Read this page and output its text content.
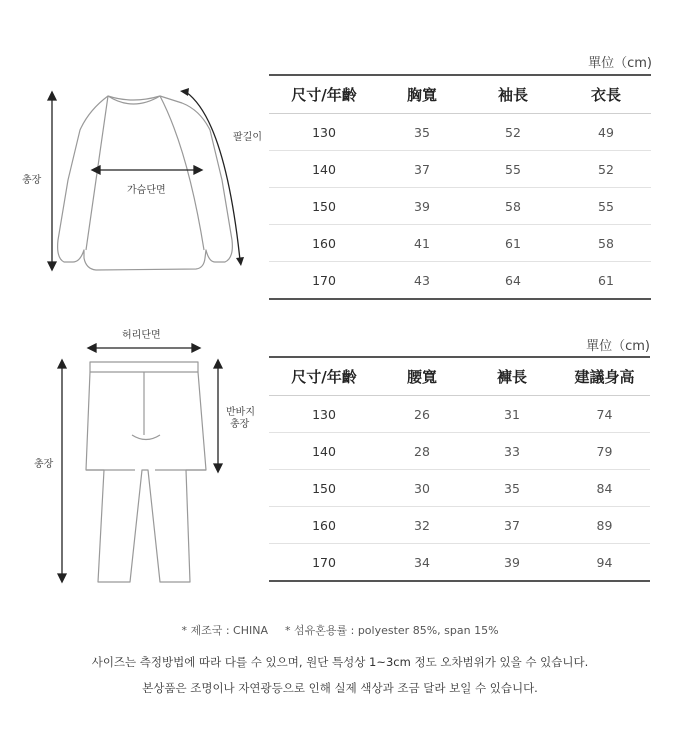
총장
팔길이
가슴단면
單位（cm)
尺寸/年齡	胸寬	袖長	衣長
130	35	52	49
140	37	55	52
150	39	58	55
160	41	61	58
170	43	64	61
허리단면
총장
반바지
총장
單位（cm)
尺寸/年齡	腰寬	褲長	建議身高
130	26	31	74
140	28	33	79
150	30	35	84
160	32	37	89
170	34	39	94
* 제조국 : CHINA * 섬유혼용률 : polyester 85%, span 15%
사이즈는 측정방법에 따라 다를 수 있으며, 원단 특성상 1~3cm 정도 오차범위가 있을 수 있습니다.
본상품은 조명이나 자연광등으로 인해 실제 색상과 조금 달라 보일 수 있습니다.
